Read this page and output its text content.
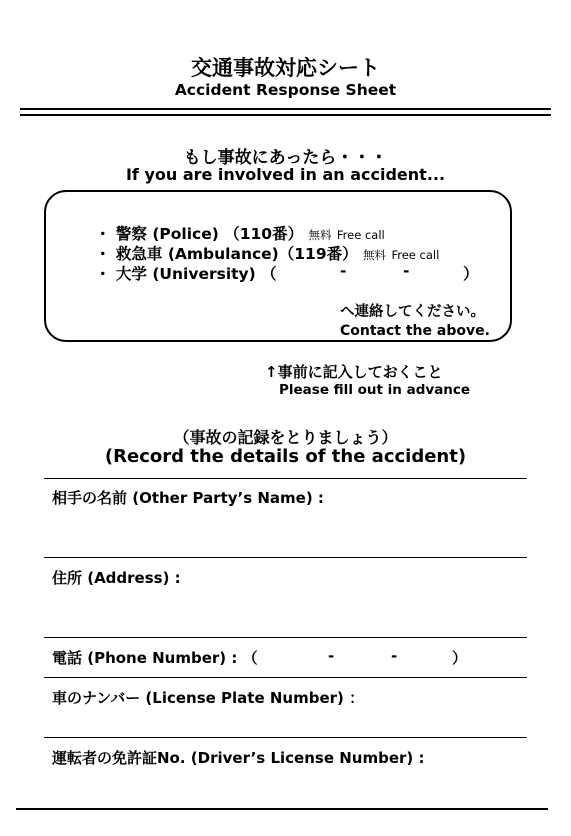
交通事故対応シート
Accident Response Sheet
もし事故にあったら・・・
If you are involved in an accident...
・ 警察 (Police) （110番） 無料 Free call
・ 救急車 (Ambulance)（119番） 無料 Free call
・ 大学 (University) （	-	-	）
へ連絡してください。
Contact the above.
↑事前に記入しておくこと
Please fill out in advance
（事故の記録をとりましょう）
(Record the details of the accident)
相手の名前 (Other Party’s Name) :
住所 (Address) :
電話 (Phone Number) : （	-	-	）
車のナンバー (License Plate Number) ：
運転者の免許証No. (Driver’s License Number) :
